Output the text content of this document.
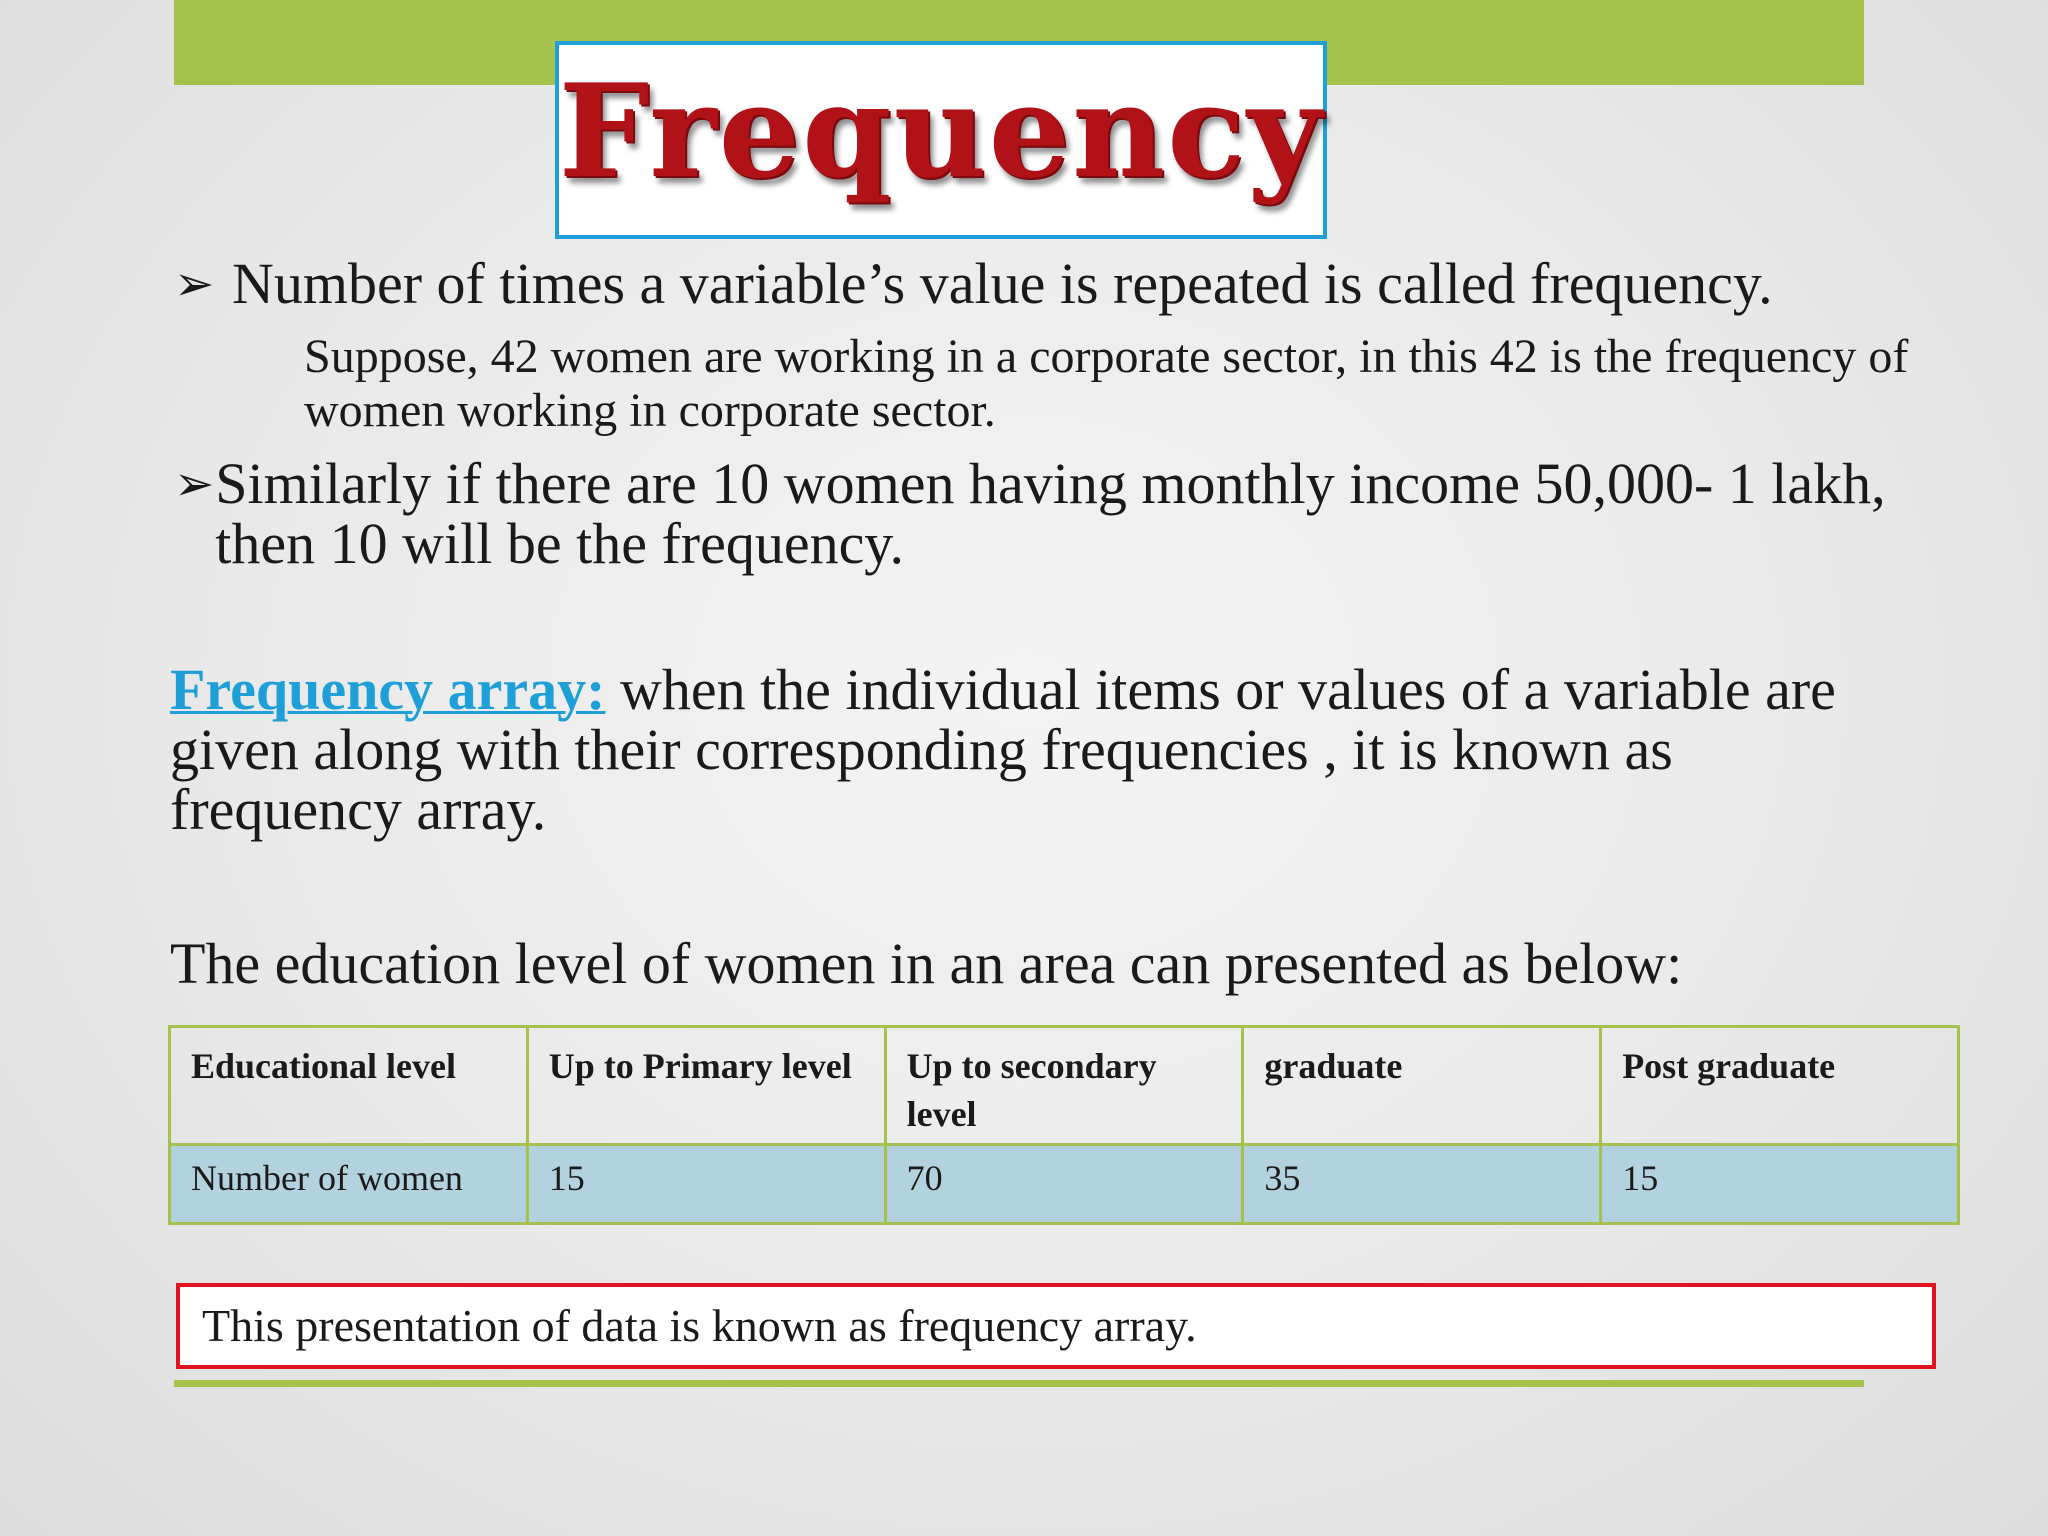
Frequency
➢ Number of times a variable’s value is repeated is called frequency.
Suppose, 42 women are working in a corporate sector, in this 42 is the frequency of women working in corporate sector.
➢ Similarly if there are 10 women having monthly income 50,000- 1 lakh, then 10 will be the frequency.
Frequency array: when the individual items or values of a variable are given along with their corresponding frequencies , it is known as frequency array.
The education level of women in an area can presented as below:
Educational level	Up to Primary level	Up to secondary level	graduate	Post graduate
Number of women	15	70	35	15
This presentation of data is known as frequency array.
